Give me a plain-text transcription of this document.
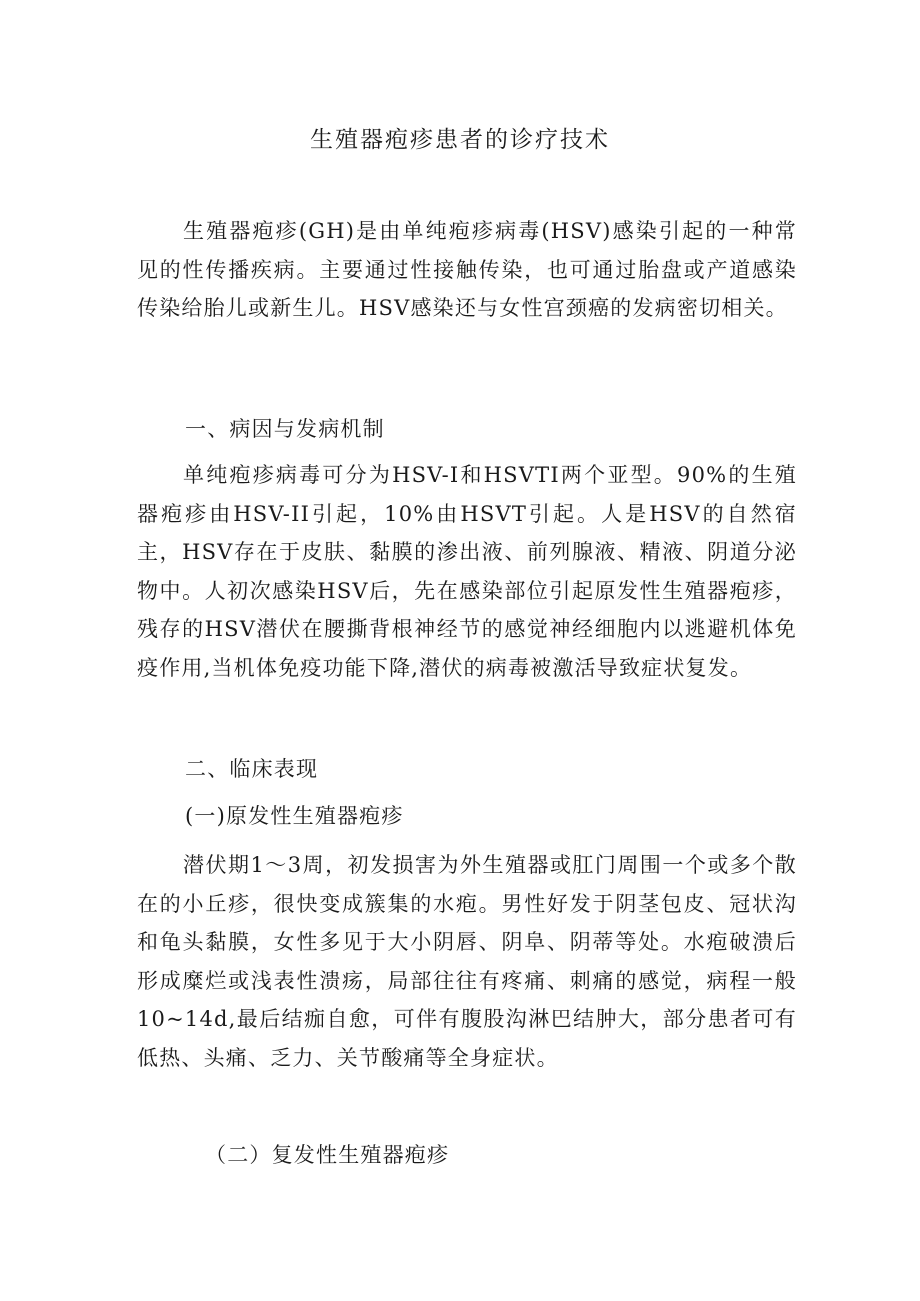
生殖器疱疹患者的诊疗技术

生殖器疱疹(GH)是由单纯疱疹病毒(HSV)感染引起的一种常见的性传播疾病。主要通过性接触传染，也可通过胎盘或产道感染传染给胎儿或新生儿。HSV感染还与女性宫颈癌的发病密切相关。

一、病因与发病机制

单纯疱疹病毒可分为HSV-I和HSVTI两个亚型。90%的生殖器疱疹由HSV-II引起，10%由HSVT引起。人是HSV的自然宿主，HSV存在于皮肤、黏膜的渗出液、前列腺液、精液、阴道分泌物中。人初次感染HSV后，先在感染部位引起原发性生殖器疱疹，残存的HSV潜伏在腰撕背根神经节的感觉神经细胞内以逃避机体免疫作用,当机体免疫功能下降,潜伏的病毒被激活导致症状复发。

二、临床表现

(一)原发性生殖器疱疹

潜伏期1～3周，初发损害为外生殖器或肛门周围一个或多个散在的小丘疹，很快变成簇集的水疱。男性好发于阴茎包皮、冠状沟和龟头黏膜，女性多见于大小阴唇、阴阜、阴蒂等处。水疱破溃后形成糜烂或浅表性溃疡，局部往往有疼痛、刺痛的感觉，病程一般10~14d,最后结痂自愈，可伴有腹股沟淋巴结肿大，部分患者可有低热、头痛、乏力、关节酸痛等全身症状。

（二）复发性生殖器疱疹
